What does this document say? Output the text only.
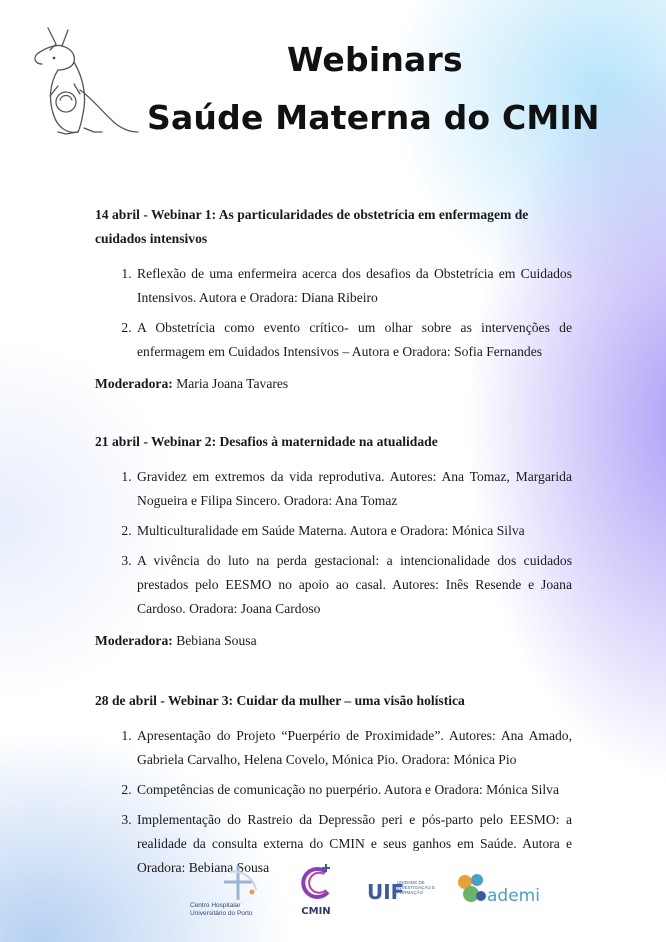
Webinars
Saúde Materna do CMIN

14 abril - Webinar 1: As particularidades de obstetrícia em enfermagem de cuidados intensivos

1. Reflexão de uma enfermeira acerca dos desafios da Obstetrícia em Cuidados Intensivos. Autora e Oradora: Diana Ribeiro
2. A Obstetrícia como evento crítico- um olhar sobre as intervenções de enfermagem em Cuidados Intensivos – Autora e Oradora: Sofia Fernandes

Moderadora: Maria Joana Tavares

21 abril - Webinar 2: Desafios à maternidade na atualidade

1. Gravidez em extremos da vida reprodutiva. Autores: Ana Tomaz, Margarida Nogueira e Filipa Sincero. Oradora: Ana Tomaz
2. Multiculturalidade em Saúde Materna. Autora e Oradora: Mónica Silva
3. A vivência do luto na perda gestacional: a intencionalidade dos cuidados prestados pelo EESMO no apoio ao casal. Autores: Inês Resende e Joana Cardoso. Oradora: Joana Cardoso

Moderadora: Bebiana Sousa

28 de abril - Webinar 3: Cuidar da mulher – uma visão holística

1. Apresentação do Projeto “Puerpério de Proximidade”. Autores: Ana Amado, Gabriela Carvalho, Helena Covelo, Mónica Pio. Oradora: Mónica Pio
2. Competências de comunicação no puerpério. Autora e Oradora: Mónica Silva
3. Implementação do Rastreio da Depressão peri e pós-parto pelo EESMO: a realidade da consulta externa do CMIN e seus ganhos em Saúde. Autora e Oradora: Bebiana Sousa
Centro Hospitalar
Universitário do Porto	CMIN
UIF
UNIDADE DE INVESTIGAÇÃO E FORMAÇÃO	ademi
